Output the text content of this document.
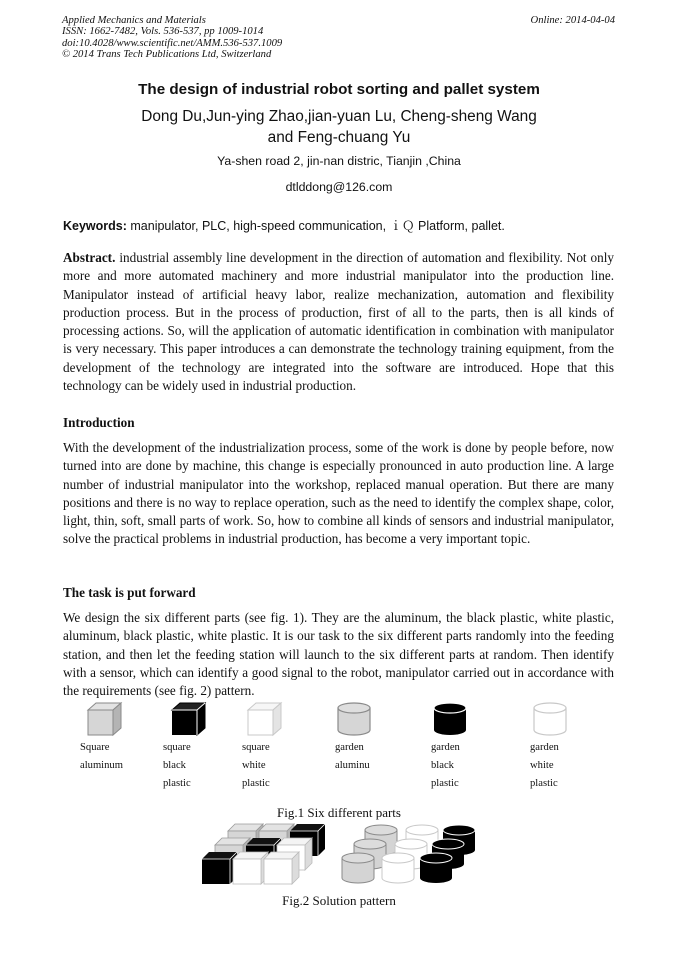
Applied Mechanics and Materials
ISSN: 1662-7482, Vols. 536-537, pp 1009-1014
doi:10.4028/www.scientific.net/AMM.536-537.1009
© 2014 Trans Tech Publications Ltd, Switzerland
Online: 2014-04-04
The design of industrial robot sorting and pallet system
Dong Du,Jun-ying Zhao,jian-yuan Lu, Cheng-sheng Wang
and Feng-chuang Yu
Ya-shen road 2, jin-nan distric, Tianjin ,China
dtlddong@126.com
Keywords: manipulator, PLC, high-speed communication, ｉＱ Platform, pallet.
Abstract. industrial assembly line development in the direction of automation and flexibility. Not only more and more automated machinery and more industrial manipulator into the production line. Manipulator instead of artificial heavy labor, realize mechanization, automation and flexibility production process. But in the process of production, first of all to the parts, then is all kinds of processing actions. So, will the application of automatic identification in combination with manipulator is very necessary. This paper introduces a can demonstrate the technology training equipment, from the development of the technology are integrated into the software are introduced. Hope that this technology can be widely used in industrial production.
Introduction
With the development of the industrialization process, some of the work is done by people before, now turned into are done by machine, this change is especially pronounced in auto production line. A large number of industrial manipulator into the workshop, replaced manual operation. But there are many positions and there is no way to replace operation, such as the need to identify the complex shape, color, light, thin, soft, small parts of work. So, how to combine all kinds of sensors and industrial manipulator, solve the practical problems in industrial production, has become a very important topic.
The task is put forward
We design the six different parts (see fig. 1). They are the aluminum, the black plastic, white plastic, aluminum, black plastic, white plastic. It is our task to the six different parts randomly into the feeding station, and then let the feeding station will launch to the six different parts at random. Then identify with a sensor, which can identify a good signal to the robot, manipulator carried out in accordance with the requirements (see fig. 2) pattern.
Square
aluminum
square
black
plastic
square
white
plastic
garden
aluminu
garden
black
plastic
garden
white
plastic
Fig.1 Six different parts
Fig.2 Solution pattern
